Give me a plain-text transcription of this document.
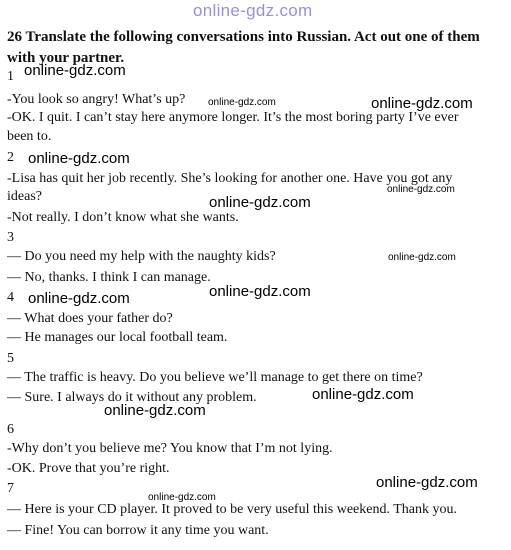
online-gdz.com
26 Translate the following conversations into Russian. Act out one of them with your partner.
1
-You look so angry! What’s up?
-OK. I quit. I can’t stay here anymore longer. It’s the most boring party I’ve ever
been to.
2
-Lisa has quit her job recently. She’s looking for another one. Have you got any
ideas?
-Not really. I don’t know what she wants.
3
— Do you need my help with the naughty kids?
— No, thanks. I think I can manage.
4
— What does your father do?
— He manages our local football team.
5
— The traffic is heavy. Do you believe we’ll manage to get there on time?
— Sure. I always do it without any problem.
6
-Why don’t you believe me? You know that I’m not lying.
-OK. Prove that you’re right.
7
— Here is your CD player. It proved to be very useful this weekend. Thank you.
— Fine! You can borrow it any time you want.
online-gdz.com
online-gdz.com	online-gdz.com
online-gdz.com
online-gdz.com
online-gdz.com
online-gdz.com
online-gdz.com
online-gdz.com
online-gdz.com
online-gdz.com
online-gdz.com
online-gdz.com
